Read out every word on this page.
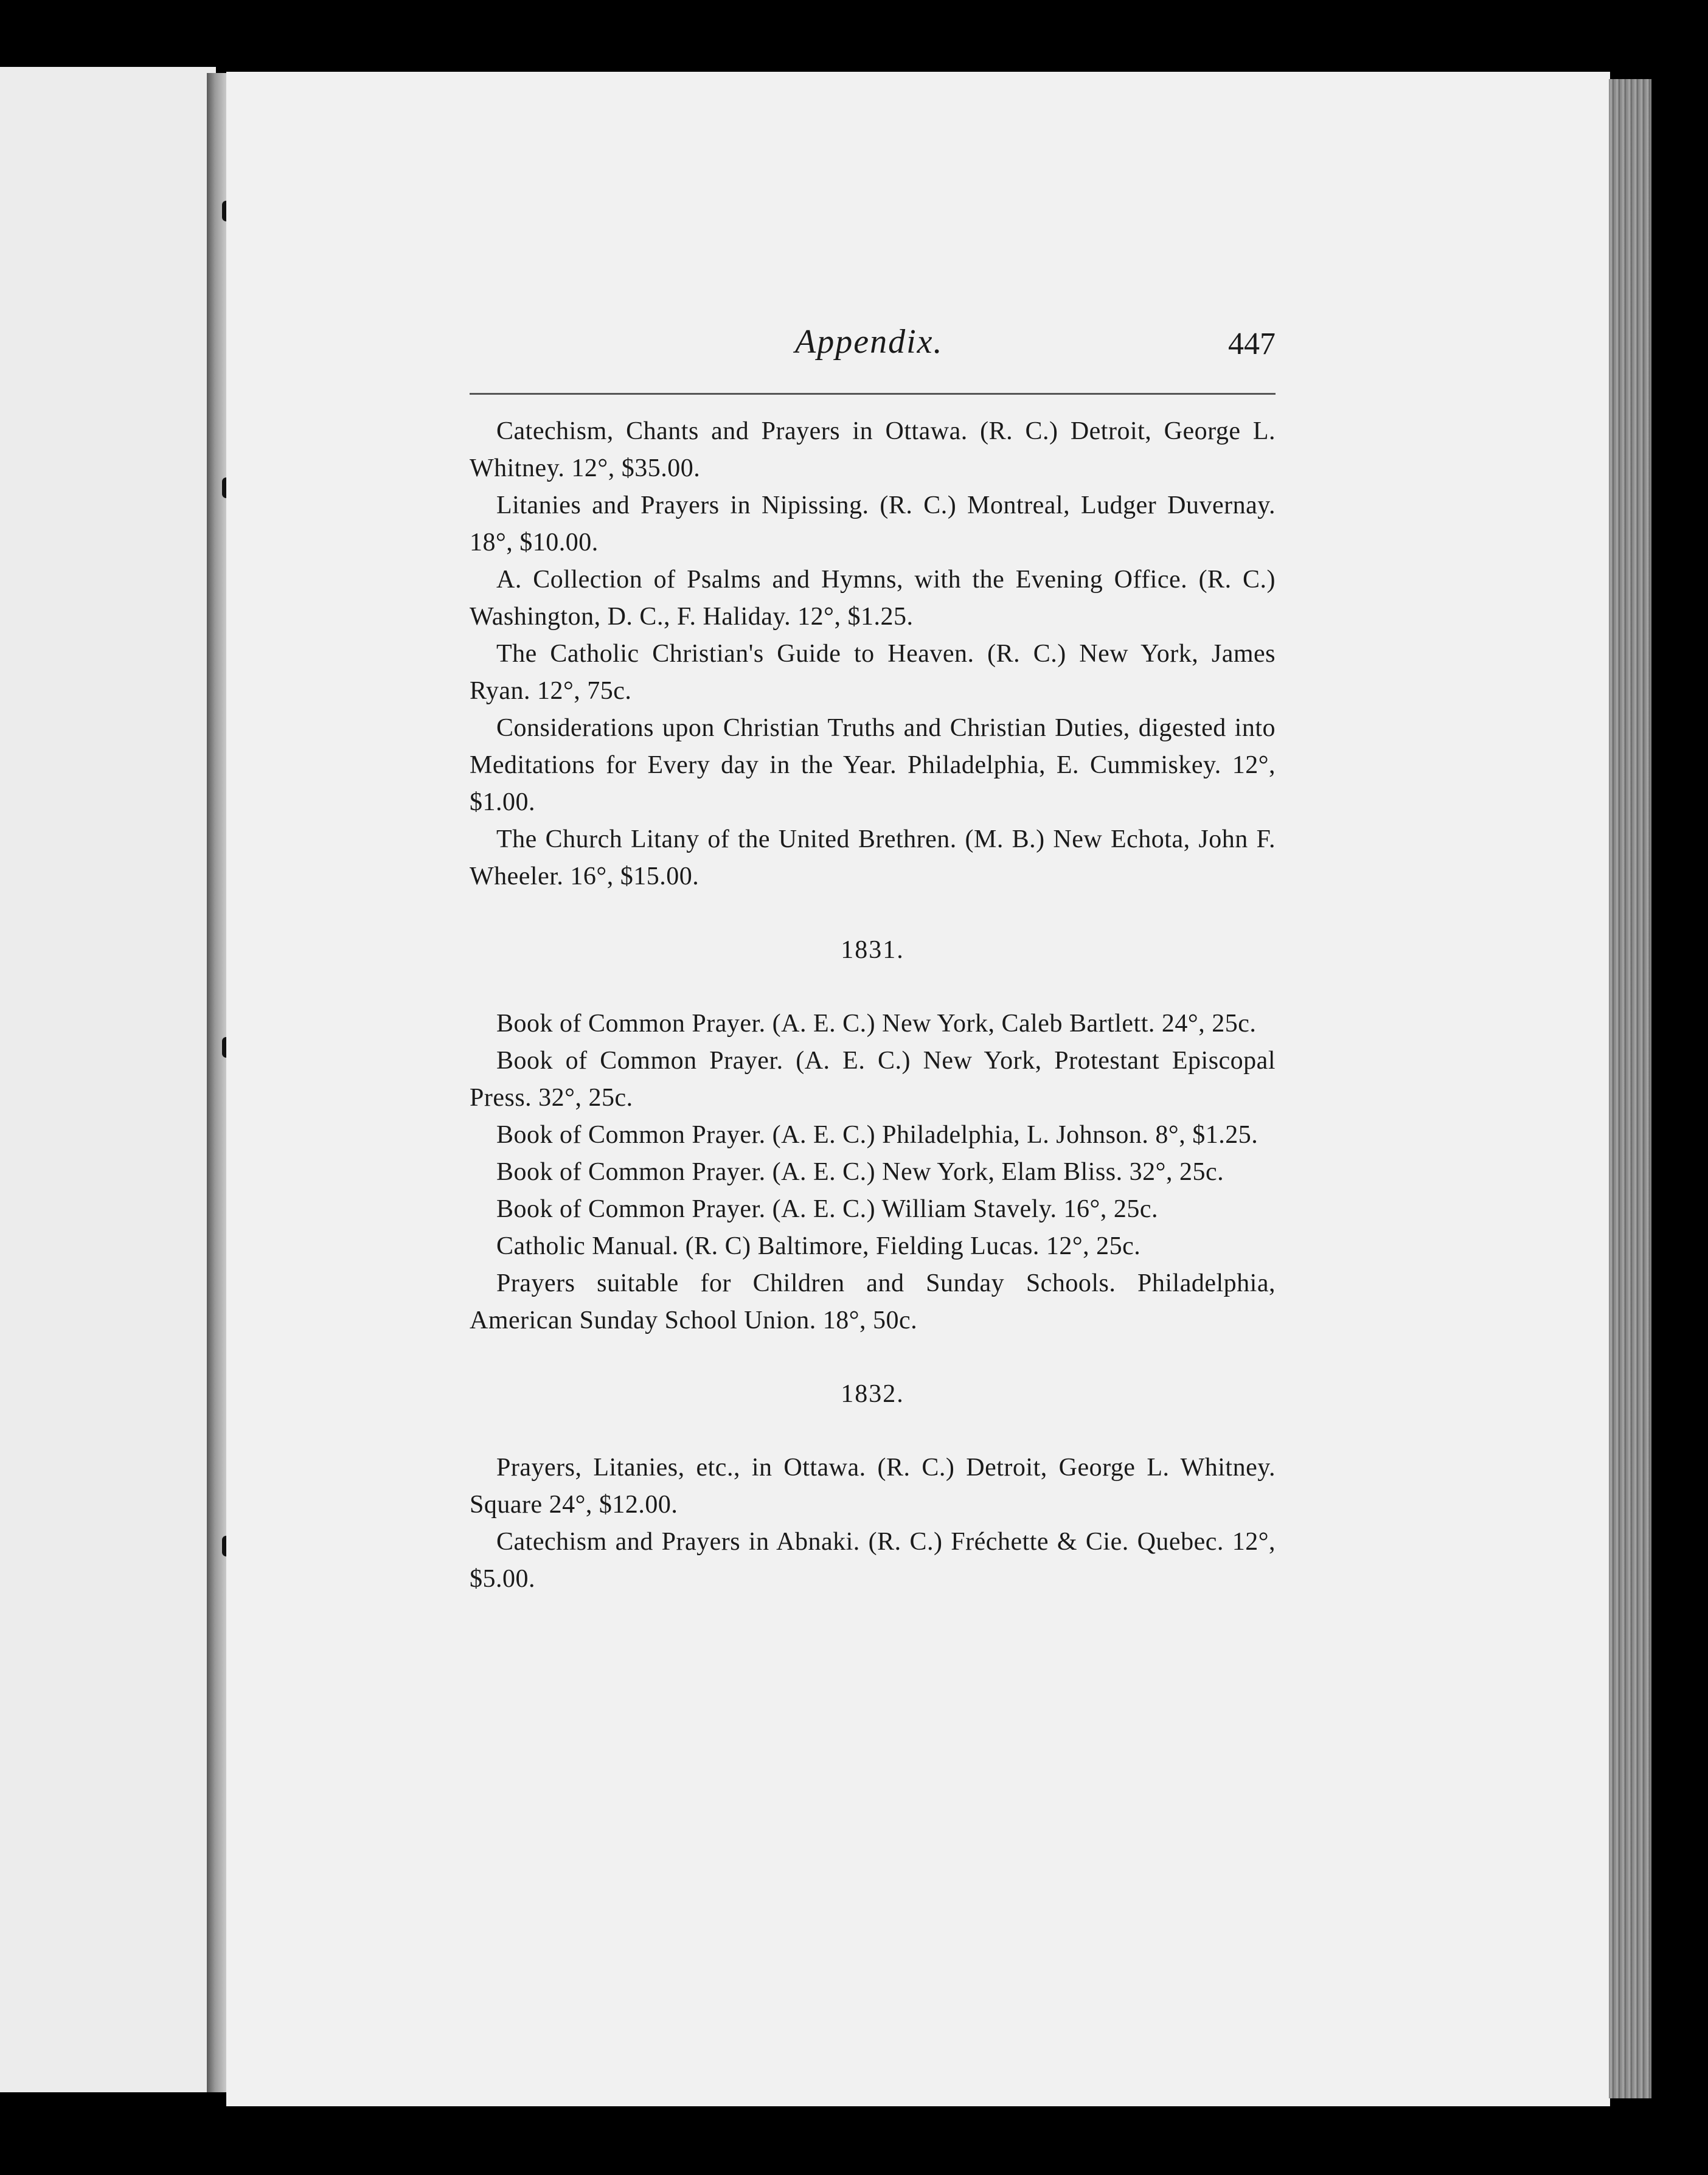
Appendix.	447

Catechism, Chants and Prayers in Ottawa. (R. C.) Detroit, George L. Whitney. 12°, $35.00.

Litanies and Prayers in Nipissing. (R. C.) Montreal, Ludger Duvernay. 18°, $10.00.

A. Collection of Psalms and Hymns, with the Evening Office. (R. C.) Washington, D. C., F. Haliday. 12°, $1.25.

The Catholic Christian's Guide to Heaven. (R. C.) New York, James Ryan. 12°, 75c.

Considerations upon Christian Truths and Christian Duties, digested into Meditations for Every day in the Year. Philadelphia, E. Cummiskey. 12°, $1.00.

The Church Litany of the United Brethren. (M. B.) New Echota, John F. Wheeler. 16°, $15.00.

1831.

Book of Common Prayer. (A. E. C.) New York, Caleb Bartlett. 24°, 25c.

Book of Common Prayer. (A. E. C.) New York, Protestant Episcopal Press. 32°, 25c.

Book of Common Prayer. (A. E. C.) Philadelphia, L. Johnson. 8°, $1.25.

Book of Common Prayer. (A. E. C.) New York, Elam Bliss. 32°, 25c.

Book of Common Prayer. (A. E. C.) William Stavely. 16°, 25c.

Catholic Manual. (R. C) Baltimore, Fielding Lucas. 12°, 25c.

Prayers suitable for Children and Sunday Schools. Philadelphia, American Sunday School Union. 18°, 50c.

1832.

Prayers, Litanies, etc., in Ottawa. (R. C.) Detroit, George L. Whitney. Square 24°, $12.00.

Catechism and Prayers in Abnaki. (R. C.) Fréchette & Cie. Quebec. 12°, $5.00.
